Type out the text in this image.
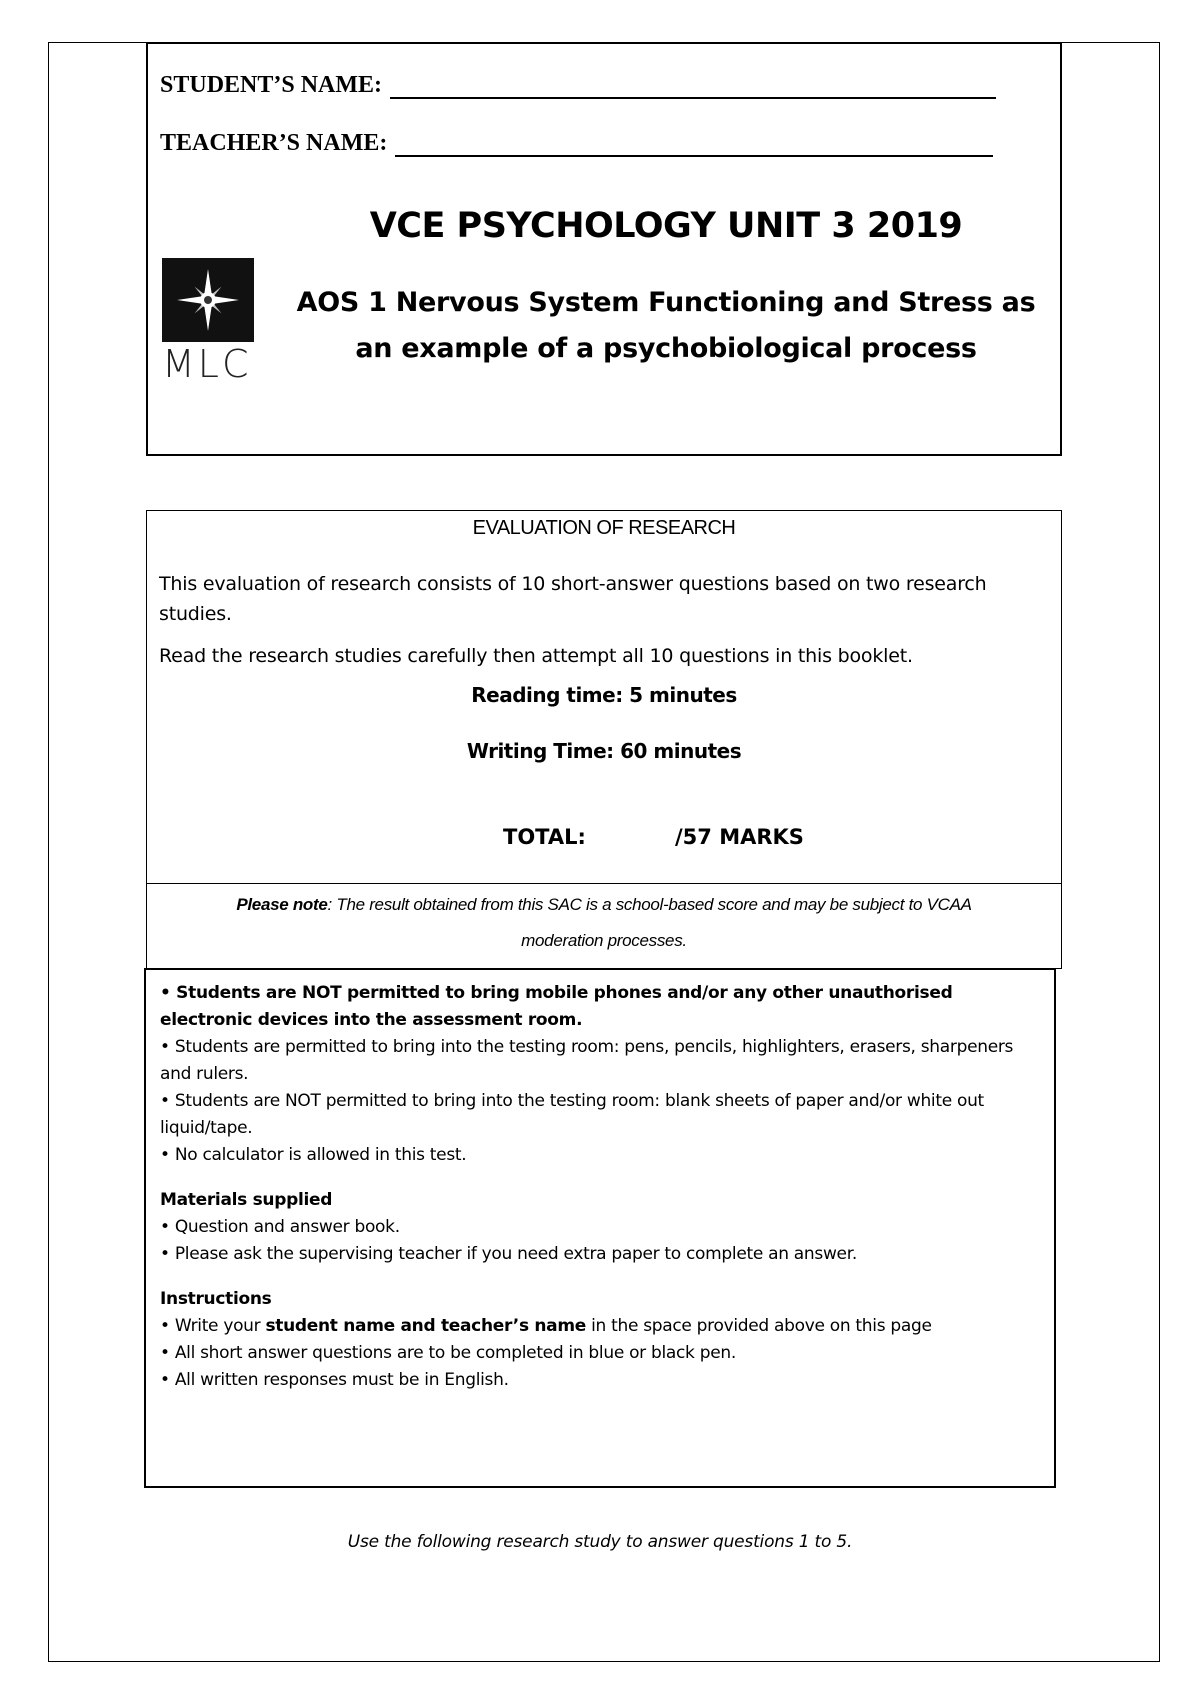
STUDENT’S NAME:
TEACHER’S NAME:
MLC
VCE PSYCHOLOGY UNIT 3 2019
AOS 1 Nervous System Functioning and Stress as
an example of a psychobiological process
EVALUATION OF RESEARCH
This evaluation of research consists of 10 short-answer questions based on two research studies.
Read the research studies carefully then attempt all 10 questions in this booklet.
Reading time: 5 minutes
Writing Time: 60 minutes
TOTAL:	/57 MARKS
Please note: The result obtained from this SAC is a school-based score and may be subject to VCAA
moderation processes.
• Students are NOT permitted to bring mobile phones and/or any other unauthorised electronic devices into the assessment room.
• Students are permitted to bring into the testing room: pens, pencils, highlighters, erasers, sharpeners and rulers.
• Students are NOT permitted to bring into the testing room: blank sheets of paper and/or white out liquid/tape.
• No calculator is allowed in this test.
Materials supplied
• Question and answer book.
• Please ask the supervising teacher if you need extra paper to complete an answer.
Instructions
• Write your student name and teacher’s name in the space provided above on this page
• All short answer questions are to be completed in blue or black pen.
• All written responses must be in English.
Use the following research study to answer questions 1 to 5.
